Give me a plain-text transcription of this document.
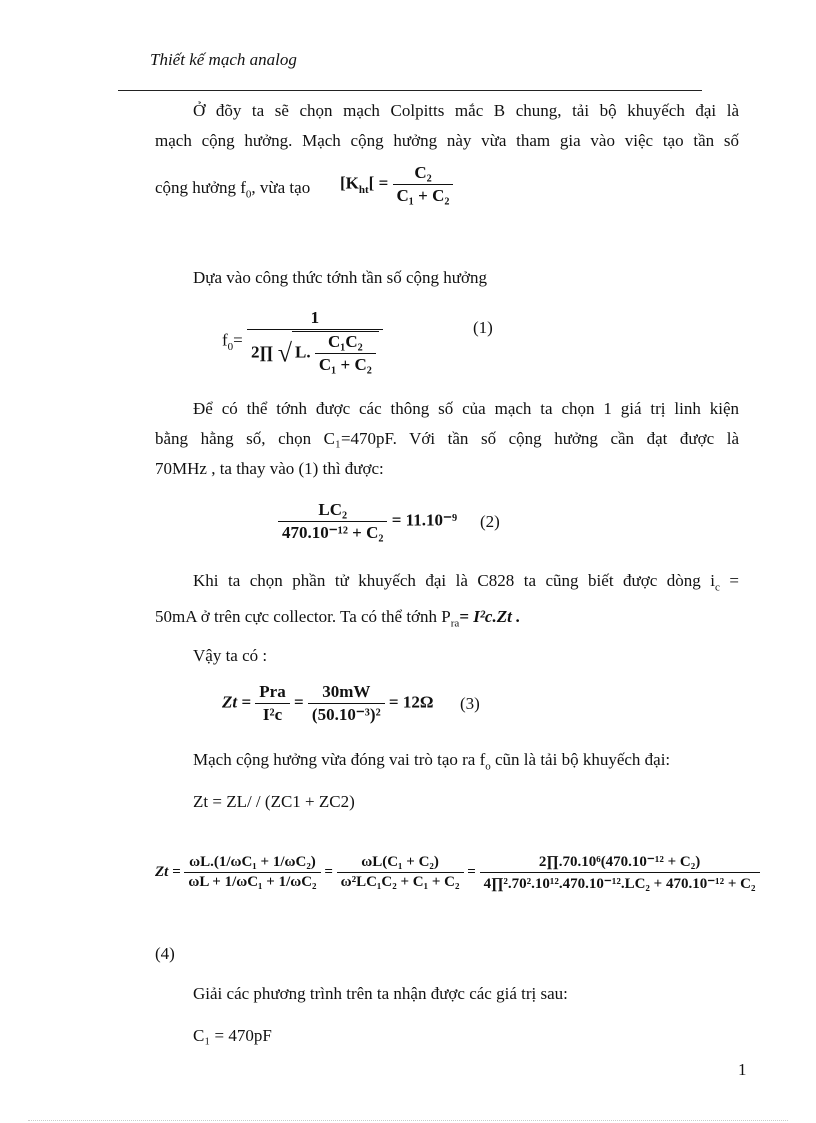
Thiết kế mạch analog
Ở đõy ta sẽ chọn mạch Colpitts mắc B chung, tải bộ khuyếch đại là
mạch cộng hưởng. Mạch cộng hưởng này vừa tham gia vào việc tạo tần số
cộng hưởng $f_0$, vừa tạo [$K_{ht}[ = \frac{\text{C₂}}{\text{C₁ + C₂}}$
Dựa vào công thức tớnh tần số cộng hưởng
$f_0=$
1
2∏ √ L. $\frac{\text{C₁C₂}}{\text{C₁ + C₂}}$
(1)
Để có thể tớnh được các thông số của mạch ta chọn 1 giá trị linh kiện
bằng hằng số, chọn C₁=470pF. Với tần số cộng hưởng cần đạt được là
70MHz , ta thay vào (1) thì được:
$\frac{\text{LC₂}}{\text{470.10⁻¹² + C₂}} = 11.10^{-9}$ (2)
Khi ta chọn phần tử khuyếch đại là C828 ta cũng biết được dòng $i_c$ =
50mA ở trên cực collector. Ta có thể tớnh $P_{ra}= I^2c.Zt$ .
Vậy ta có :
$Zt = \frac{\text{Pra}}{\text{I²c}} = \frac{30mW}{\text{(50.10⁻³)²}} = 12\Omega$ (3)
Mạch cộng hưởng vừa đóng vai trò tạo ra $f_o$ cũn là tải bộ khuyếch đại:
Zt = ZL/ / (ZC1 + ZC2)
$Zt = \frac{\text{ωL.(1/ωC₁ + 1/ωC₂)}}{\text{ωL + 1/ωC₁ + 1/ωC₂}} = \frac{\text{ωL(C₁ + C₂)}}{\text{ω²LC₁C₂ + C₁ + C₂}} = \frac{\text{2∏.70.10⁶(470.10⁻¹² + C₂)}}{\text{4∏².70².10¹².470.10⁻¹².LC₂ + 470.10⁻¹² + C₂}}$
(4)
Giải các phương trình trên ta nhận được các giá trị sau:
C₁ = 470pF
1
